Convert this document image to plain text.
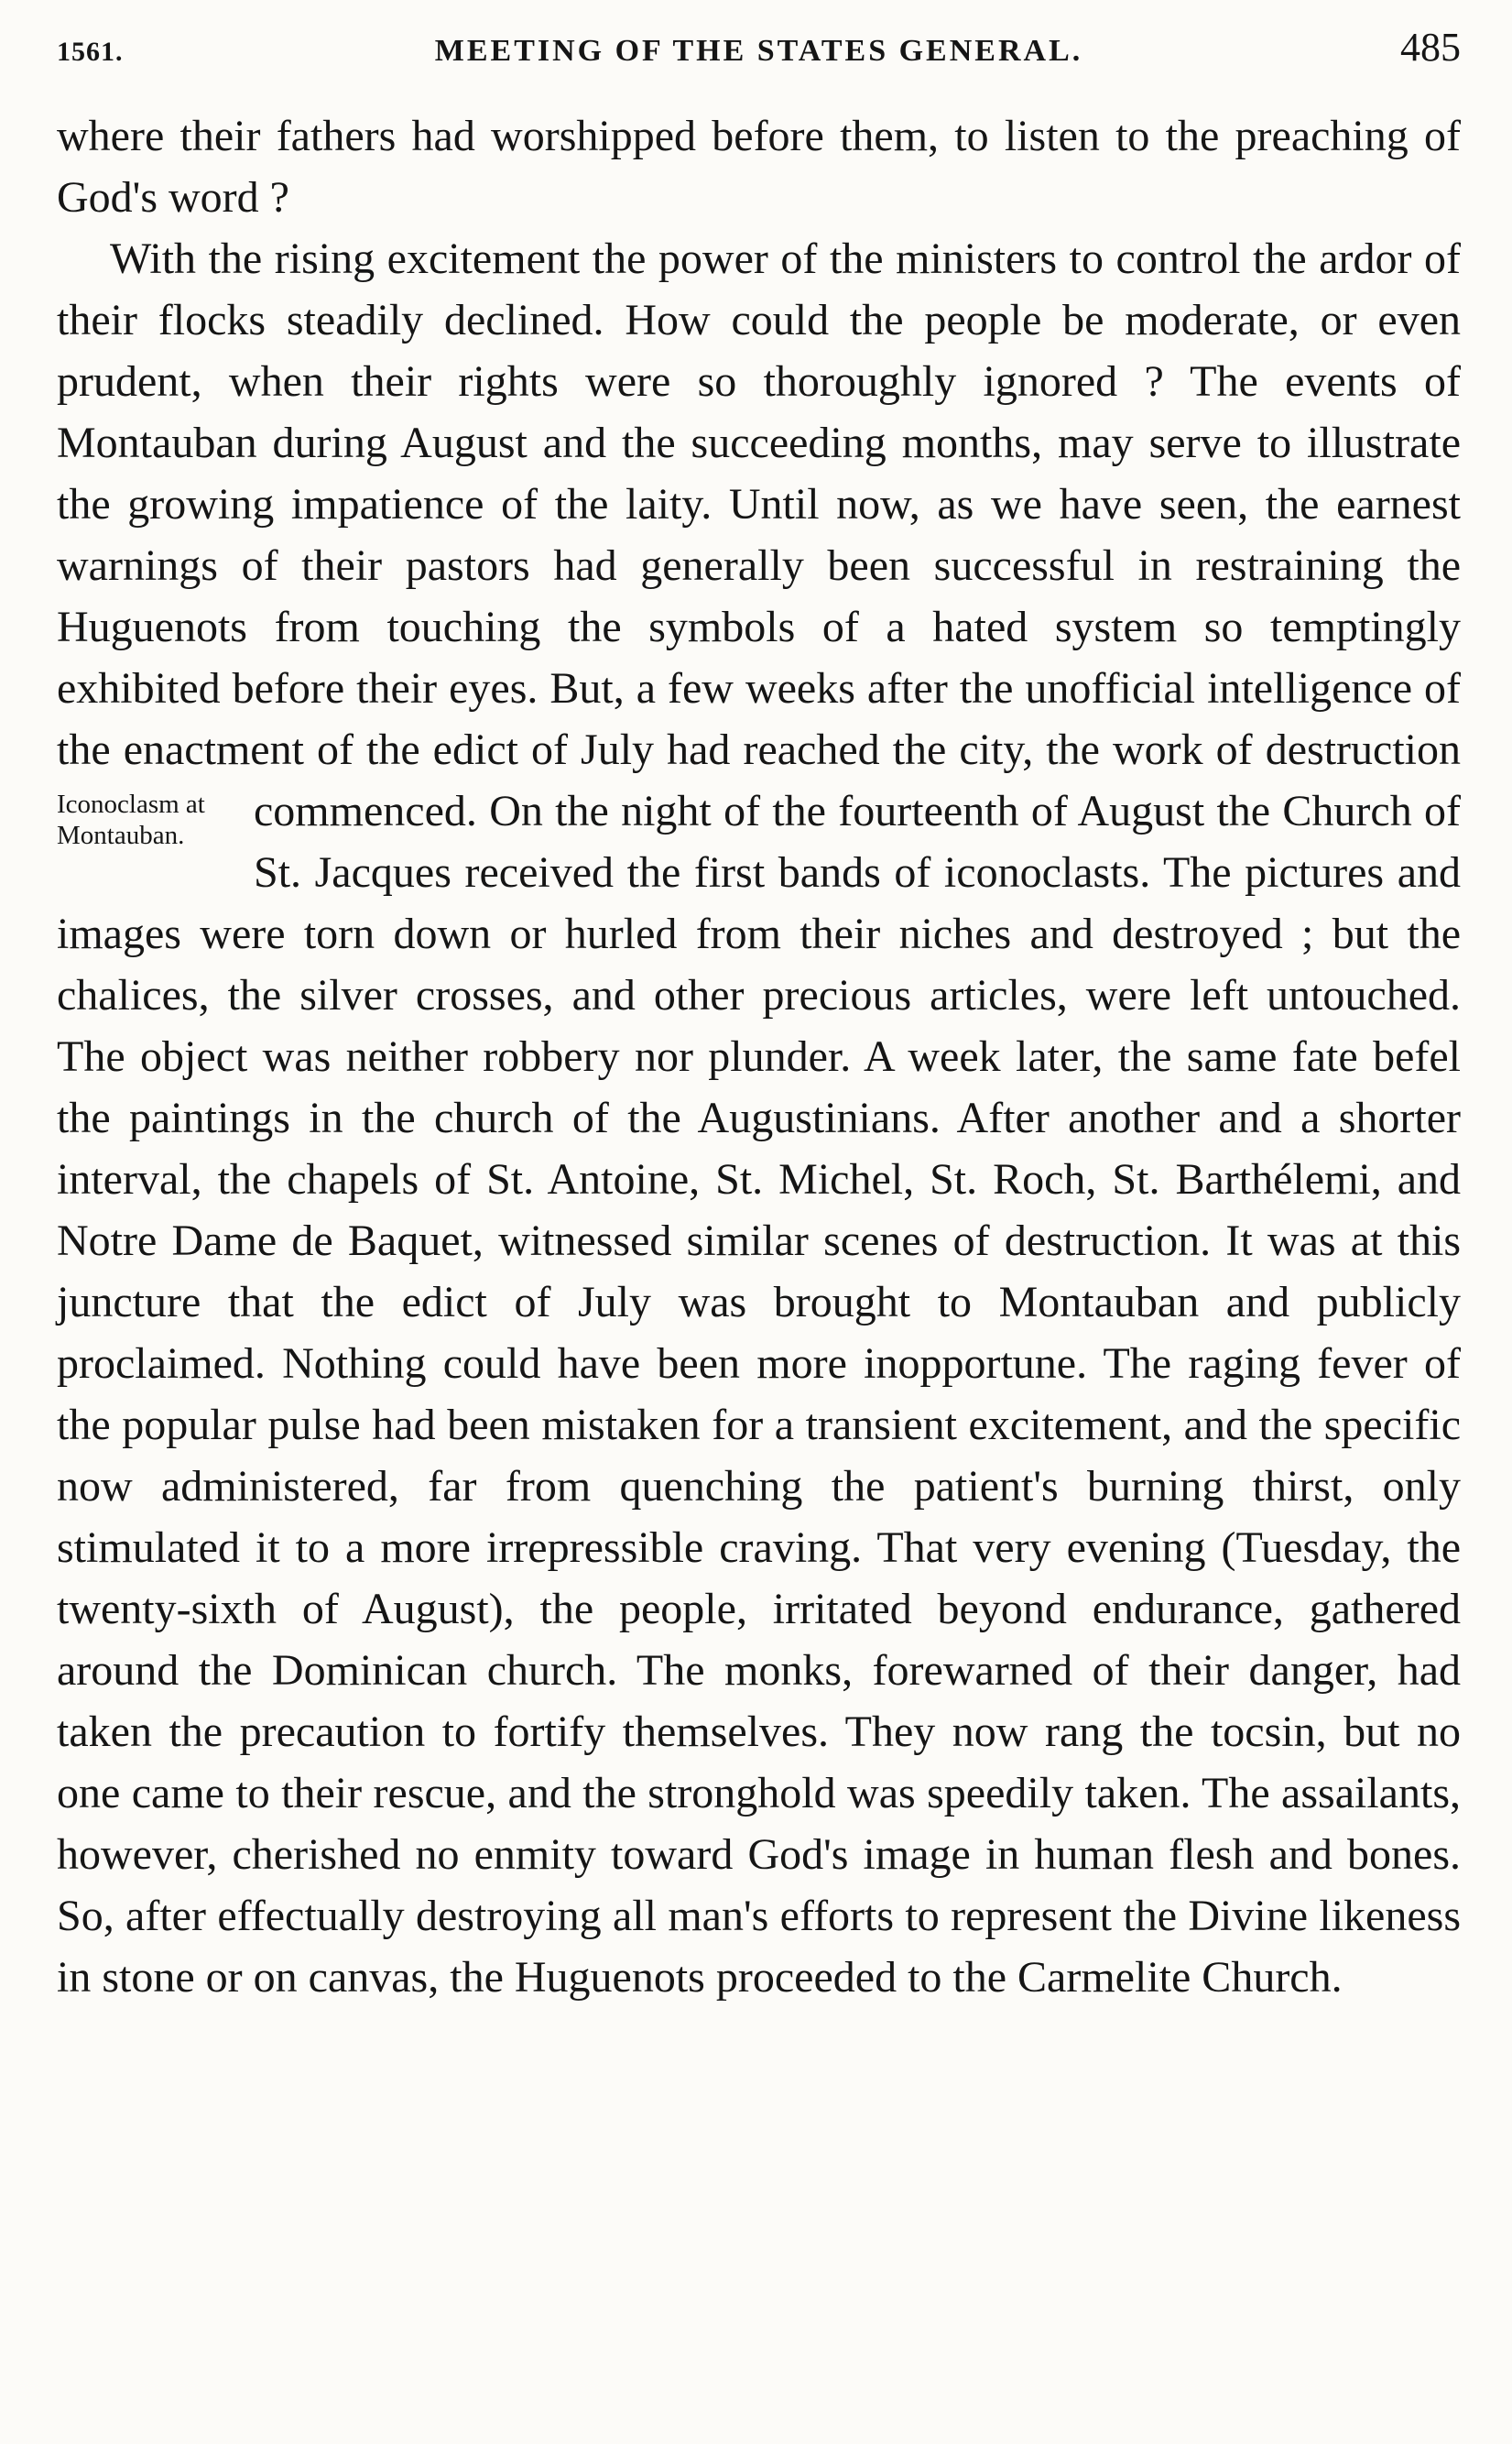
1561.	MEETING OF THE STATES GENERAL.	485

where their fathers had worshipped before them, to listen to the preaching of God's word ?

With the rising excitement the power of the ministers to control the ardor of their flocks steadily declined. How could the people be moderate, or even prudent, when their rights were so thoroughly ignored ? The events of Montauban during August and the succeeding months, may serve to illustrate the growing impatience of the laity. Until now, as we have seen, the earnest warnings of their pastors had generally been successful in restraining the Huguenots from touching the symbols of a hated system so temptingly exhibited before their eyes. But, a few weeks after the unofficial intelligence of the enactment of the edict of July had reached the city, the work of destruction commenced. On the night of the fourteenth of August the
Iconoclasm at Montauban.	Church of St. Jacques received the first bands of iconoclasts. The pictures and images were torn down or hurled from their niches and destroyed ; but the chalices, the silver crosses, and other precious articles, were left untouched. The object was neither robbery nor plunder. A week later, the same fate befel the paintings in the church of the Augustinians. After another and a shorter interval, the chapels of St. Antoine, St. Michel, St. Roch, St. Barthélemi, and Notre Dame de Baquet, witnessed similar scenes of destruction. It was at this juncture that the edict of July was brought to Montauban and publicly proclaimed. Nothing could have been more inopportune. The raging fever of the popular pulse had been mistaken for a transient excitement, and the specific now administered, far from quenching the patient's burning thirst, only stimulated it to a more irrepressible craving. That very evening (Tuesday, the twenty-sixth of August), the people, irritated beyond endurance, gathered around the Dominican church. The monks, forewarned of their danger, had taken the precaution to fortify themselves. They now rang the tocsin, but no one came to their rescue, and the stronghold was speedily taken. The assailants, however, cherished no enmity toward God's image in human flesh and bones. So, after effectually destroying all man's efforts to represent the Divine likeness in stone or on canvas, the Huguenots proceeded to the Carmelite Church.
